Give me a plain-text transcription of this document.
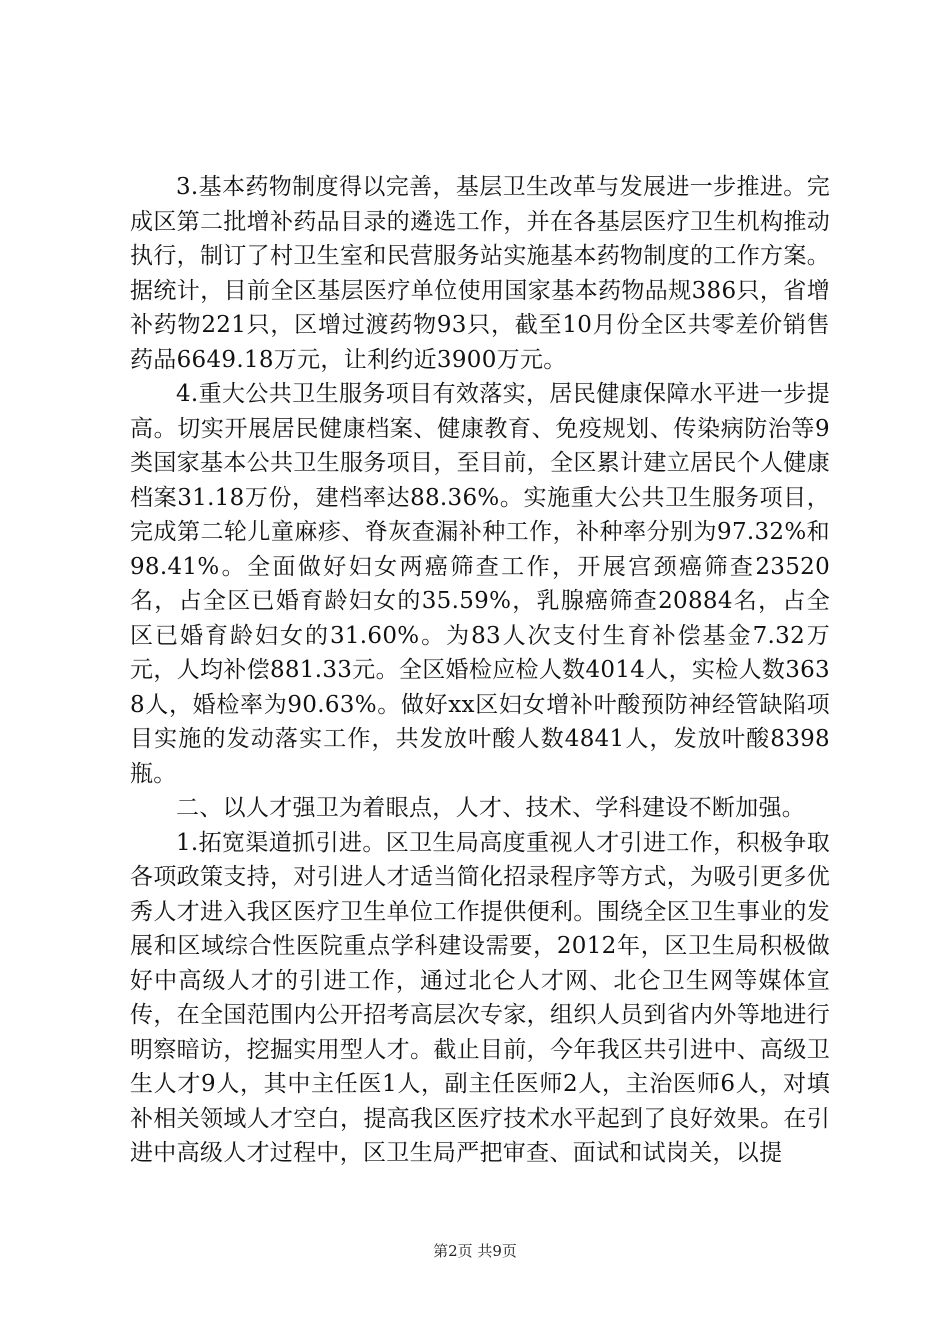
3.基本药物制度得以完善，基层卫生改革与发展进一步推进。完成区第二批增补药品目录的遴选工作，并在各基层医疗卫生机构推动执行，制订了村卫生室和民营服务站实施基本药物制度的工作方案。据统计，目前全区基层医疗单位使用国家基本药物品规386只，省增补药物221只，区增过渡药物93只，截至10月份全区共零差价销售药品6649.18万元，让利约近3900万元。

4.重大公共卫生服务项目有效落实，居民健康保障水平进一步提高。切实开展居民健康档案、健康教育、免疫规划、传染病防治等9类国家基本公共卫生服务项目，至目前，全区累计建立居民个人健康档案31.18万份，建档率达88.36%。实施重大公共卫生服务项目，完成第二轮儿童麻疹、脊灰查漏补种工作，补种率分别为97.32%和98.41%。全面做好妇女两癌筛查工作，开展宫颈癌筛查23520名，占全区已婚育龄妇女的35.59%，乳腺癌筛查20884名，占全区已婚育龄妇女的31.60%。为83人次支付生育补偿基金7.32万元，人均补偿881.33元。全区婚检应检人数4014人，实检人数3638人，婚检率为90.63%。做好xx区妇女增补叶酸预防神经管缺陷项目实施的发动落实工作，共发放叶酸人数4841人，发放叶酸8398瓶。

二、以人才强卫为着眼点，人才、技术、学科建设不断加强。

1.拓宽渠道抓引进。区卫生局高度重视人才引进工作，积极争取各项政策支持，对引进人才适当简化招录程序等方式，为吸引更多优秀人才进入我区医疗卫生单位工作提供便利。围绕全区卫生事业的发展和区域综合性医院重点学科建设需要，2012年，区卫生局积极做好中高级人才的引进工作，通过北仑人才网、北仑卫生网等媒体宣传，在全国范围内公开招考高层次专家，组织人员到省内外等地进行明察暗访，挖掘实用型人才。截止目前，今年我区共引进中、高级卫生人才9人，其中主任医1人，副主任医师2人，主治医师6人，对填补相关领域人才空白，提高我区医疗技术水平起到了良好效果。在引进中高级人才过程中，区卫生局严把审查、面试和试岗关，以提

第2页 共9页
